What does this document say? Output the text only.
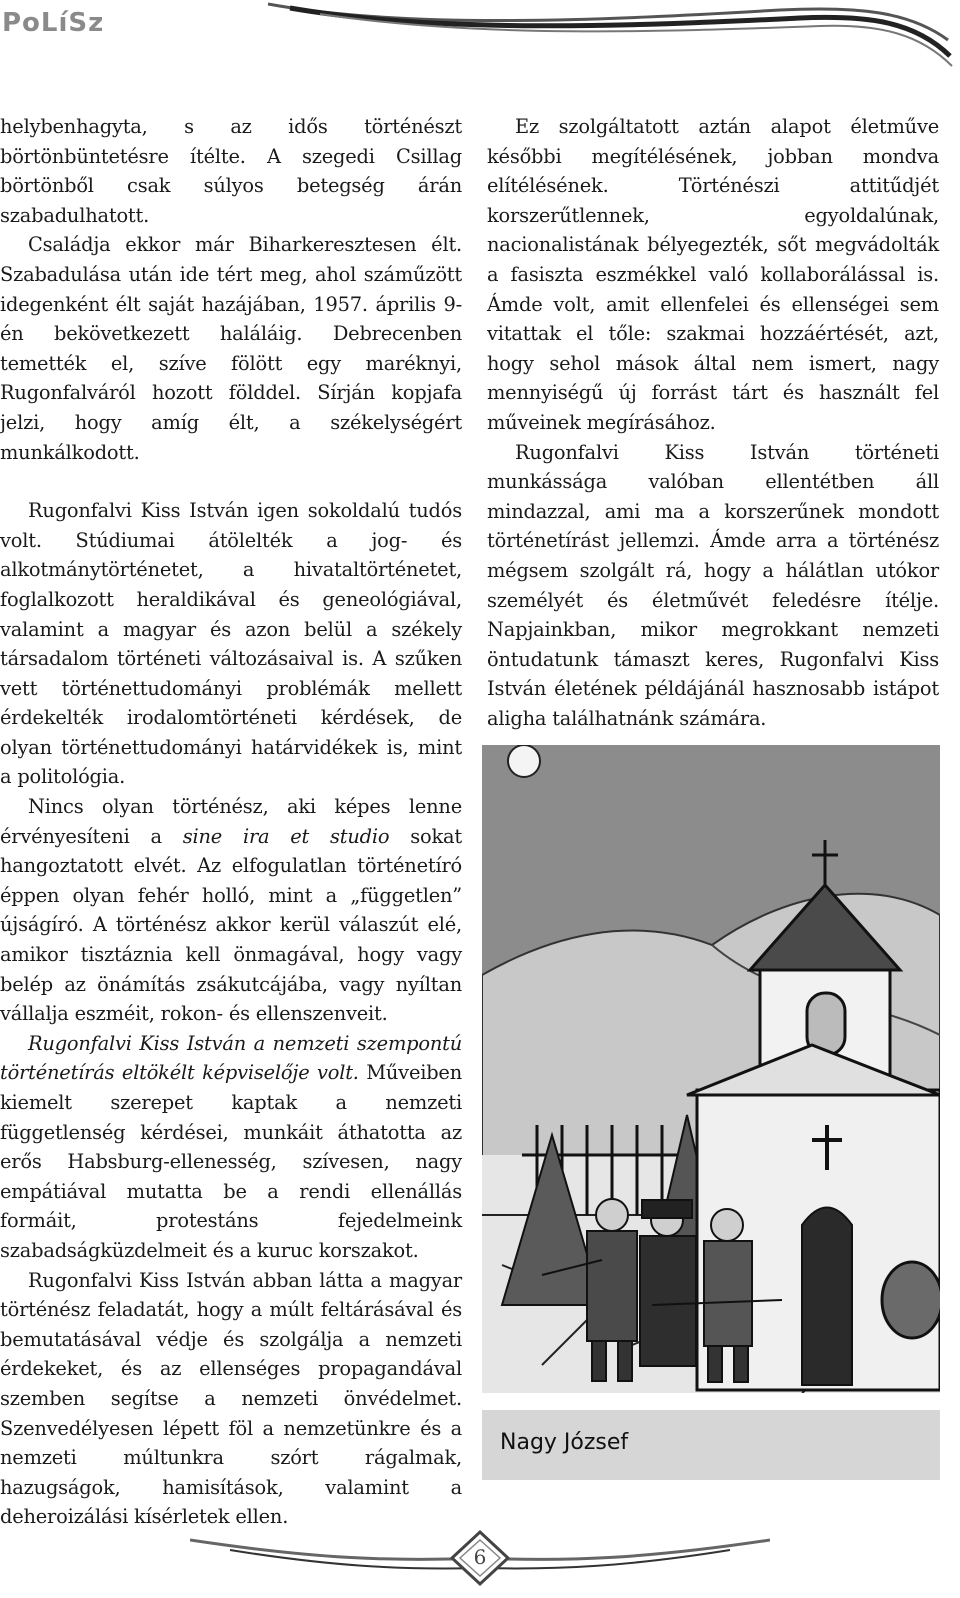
PoLíSz

helybenhagyta, s az idős történészt börtönbüntetésre ítélte. A szegedi Csillag börtönből csak súlyos betegség árán szabadulhatott.

Családja ekkor már Biharkeresztesen élt. Szabadulása után ide tért meg, ahol száműzött idegenként élt saját hazájában, 1957. április 9-én bekövetkezett haláláig. Debrecenben temették el, szíve fölött egy maréknyi, Rugonfalváról hozott földdel. Sírján kopjafa jelzi, hogy amíg élt, a székelységért munkálkodott.

Rugonfalvi Kiss István igen sokoldalú tudós volt. Stúdiumai átölelték a jog- és alkotmánytörténetet, a hivataltörténetet, foglalkozott heraldikával és geneológiával, valamint a magyar és azon belül a székely társadalom történeti változásaival is. A szűken vett történettudományi problémák mellett érdekelték irodalomtörténeti kérdések, de olyan történettudományi határvidékek is, mint a politológia.

Nincs olyan történész, aki képes lenne érvényesíteni a sine ira et studio sokat hangoztatott elvét. Az elfogulatlan történetíró éppen olyan fehér holló, mint a „független” újságíró. A történész akkor kerül válaszút elé, amikor tisztáznia kell önmagával, hogy vagy belép az önámítás zsákutcájába, vagy nyíltan vállalja eszméit, rokon- és ellenszenveit.

Rugonfalvi Kiss István a nemzeti szempontú történetírás eltökélt képviselője volt. Műveiben kiemelt szerepet kaptak a nemzeti függetlenség kérdései, munkáit áthatotta az erős Habsburg-ellenesség, szívesen, nagy empátiával mutatta be a rendi ellenállás formáit, protestáns fejedelmeink szabadságküzdelmeit és a kuruc korszakot.

Rugonfalvi Kiss István abban látta a magyar történész feladatát, hogy a múlt feltárásával és bemutatásával védje és szolgálja a nemzeti érdekeket, és az ellenséges propagandával szemben segítse a nemzeti önvédelmet. Szenvedélyesen lépett föl a nemzetünkre és a nemzeti múltunkra szórt rágalmak, hazugságok, hamisítások, valamint a deheroizálási kísérletek ellen.

Ez szolgáltatott aztán alapot életműve későbbi megítélésének, jobban mondva elítélésének. Történészi attitűdjét korszerűtlennek, egyoldalúnak, nacionalistának bélyegezték, sőt megvádolták a fasiszta eszmékkel való kollaborálással is. Ámde volt, amit ellenfelei és ellenségei sem vitattak el tőle: szakmai hozzáértését, azt, hogy sehol mások által nem ismert, nagy mennyiségű új forrást tárt és használt fel műveinek megírásához.

Rugonfalvi Kiss István történeti munkássága valóban ellentétben áll mindazzal, ami ma a korszerűnek mondott történetírást jellemzi. Ámde arra a történész mégsem szolgált rá, hogy a hálátlan utókor személyét és életművét feledésre ítélje. Napjainkban, mikor megrokkant nemzeti öntudatunk támaszt keres, Rugonfalvi Kiss István életének példájánál hasznosabb istápot aligha találhatnánk számára.

Nagy József
6
